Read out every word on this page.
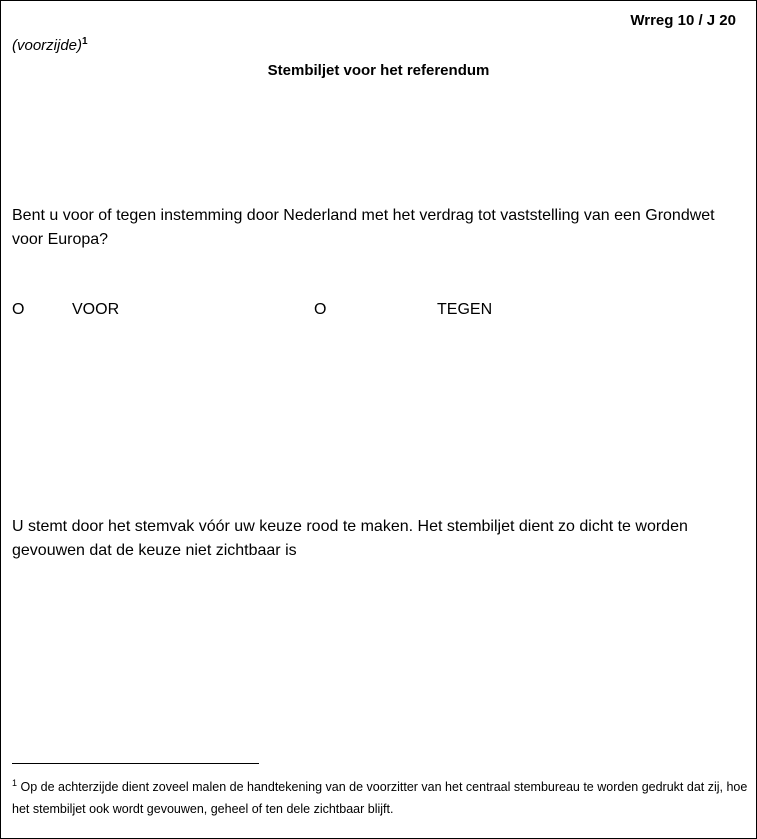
Wrreg 10 / J 20
(voorzijde)$^1$
Stembiljet voor het referendum
Bent u voor of tegen instemming door Nederland met het verdrag tot vaststelling van een Grondwet voor Europa?
O	VOOR	O	TEGEN
U stemt door het stemvak vóór uw keuze rood te maken. Het stembiljet dient zo dicht te worden gevouwen dat de keuze niet zichtbaar is
$^1$ Op de achterzijde dient zoveel malen de handtekening van de voorzitter van het centraal stembureau te worden gedrukt dat zij, hoe het stembiljet ook wordt gevouwen, geheel of ten dele zichtbaar blijft.
